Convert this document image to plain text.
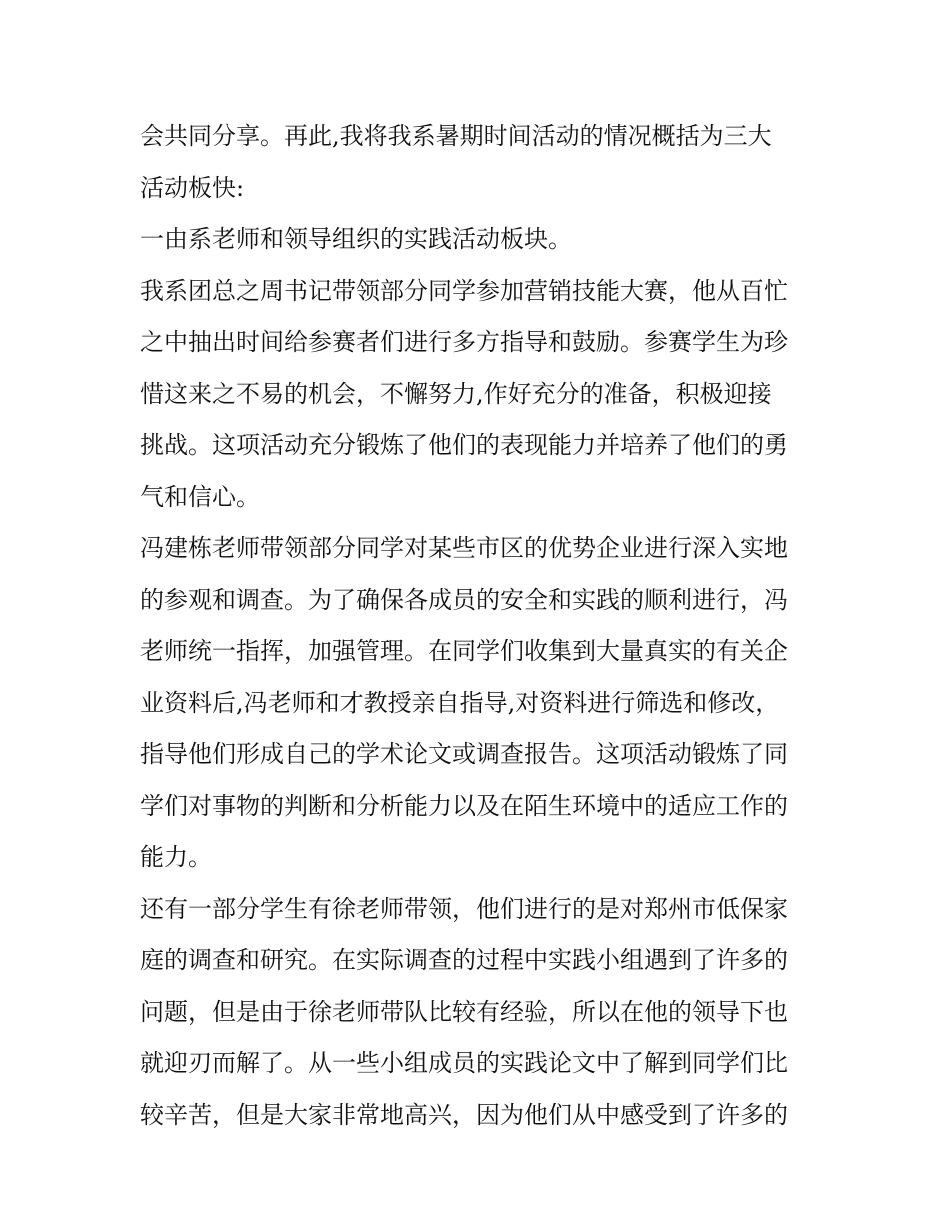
会共同分享。再此,我将我系暑期时间活动的情况概括为三大
活动板快:
一由系老师和领导组织的实践活动板块。
我系团总之周书记带领部分同学参加营销技能大赛，他从百忙
之中抽出时间给参赛者们进行多方指导和鼓励。参赛学生为珍
惜这来之不易的机会，不懈努力,作好充分的准备，积极迎接
挑战。这项活动充分锻炼了他们的表现能力并培养了他们的勇
气和信心。
冯建栋老师带领部分同学对某些市区的优势企业进行深入实地
的参观和调查。为了确保各成员的安全和实践的顺利进行，冯
老师统一指挥，加强管理。在同学们收集到大量真实的有关企
业资料后,冯老师和才教授亲自指导,对资料进行筛选和修改，
指导他们形成自己的学术论文或调查报告。这项活动锻炼了同
学们对事物的判断和分析能力以及在陌生环境中的适应工作的
能力。
还有一部分学生有徐老师带领，他们进行的是对郑州市低保家
庭的调查和研究。在实际调查的过程中实践小组遇到了许多的
问题，但是由于徐老师带队比较有经验，所以在他的领导下也
就迎刃而解了。从一些小组成员的实践论文中了解到同学们比
较辛苦，但是大家非常地高兴，因为他们从中感受到了许多的
